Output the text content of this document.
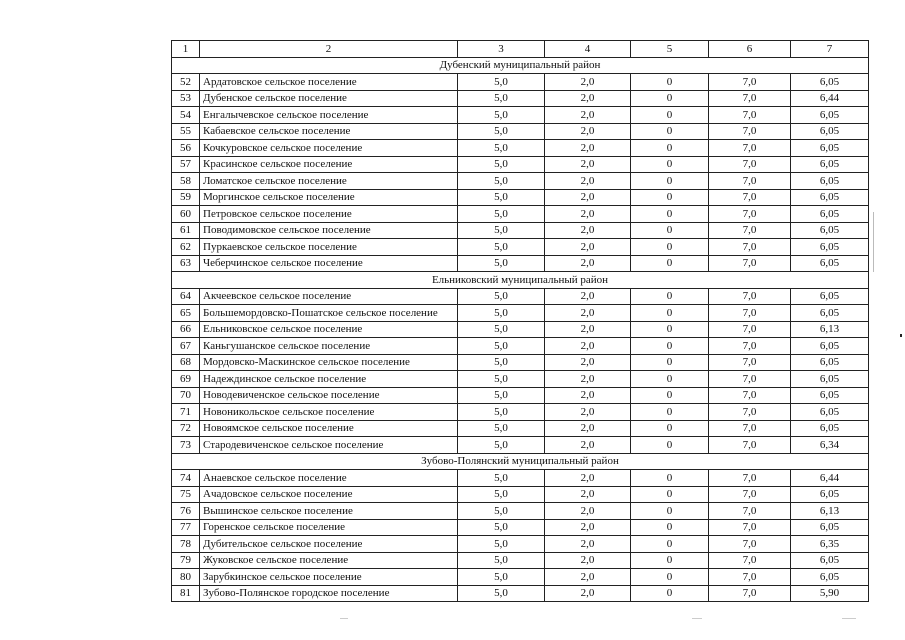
1	2	3	4	5	6	7
Дубенский муниципальный район						
52	Ардатовское сельское поселение	5,0	2,0	0	7,0	6,05
53	Дубенское сельское поселение	5,0	2,0	0	7,0	6,44
54	Енгалычевское сельское поселение	5,0	2,0	0	7,0	6,05
55	Кабаевское сельское поселение	5,0	2,0	0	7,0	6,05
56	Кочкуровское сельское поселение	5,0	2,0	0	7,0	6,05
57	Красинское сельское поселение	5,0	2,0	0	7,0	6,05
58	Ломатское сельское поселение	5,0	2,0	0	7,0	6,05
59	Моргинское сельское поселение	5,0	2,0	0	7,0	6,05
60	Петровское сельское поселение	5,0	2,0	0	7,0	6,05
61	Поводимовское сельское поселение	5,0	2,0	0	7,0	6,05
62	Пуркаевское сельское поселение	5,0	2,0	0	7,0	6,05
63	Чеберчинское сельское поселение	5,0	2,0	0	7,0	6,05
Ельниковский муниципальный район						
64	Акчеевское сельское поселение	5,0	2,0	0	7,0	6,05
65	Большемордовско-Пошатское сельское поселение	5,0	2,0	0	7,0	6,05
66	Ельниковское сельское поселение	5,0	2,0	0	7,0	6,13
67	Каньгушанское сельское поселение	5,0	2,0	0	7,0	6,05
68	Мордовско-Маскинское сельское поселение	5,0	2,0	0	7,0	6,05
69	Надеждинское сельское поселение	5,0	2,0	0	7,0	6,05
70	Новодевиченское сельское поселение	5,0	2,0	0	7,0	6,05
71	Новоникольское сельское поселение	5,0	2,0	0	7,0	6,05
72	Новоямское сельское поселение	5,0	2,0	0	7,0	6,05
73	Стародевиченское сельское поселение	5,0	2,0	0	7,0	6,34
Зубово-Полянский муниципальный район						
74	Анаевское сельское поселение	5,0	2,0	0	7,0	6,44
75	Ачадовское сельское поселение	5,0	2,0	0	7,0	6,05
76	Вышинское сельское поселение	5,0	2,0	0	7,0	6,13
77	Горенское сельское поселение	5,0	2,0	0	7,0	6,05
78	Дубительское сельское поселение	5,0	2,0	0	7,0	6,35
79	Жуковское сельское поселение	5,0	2,0	0	7,0	6,05
80	Зарубкинское сельское поселение	5,0	2,0	0	7,0	6,05
81	Зубово-Полянское городское поселение	5,0	2,0	0	7,0	5,90
